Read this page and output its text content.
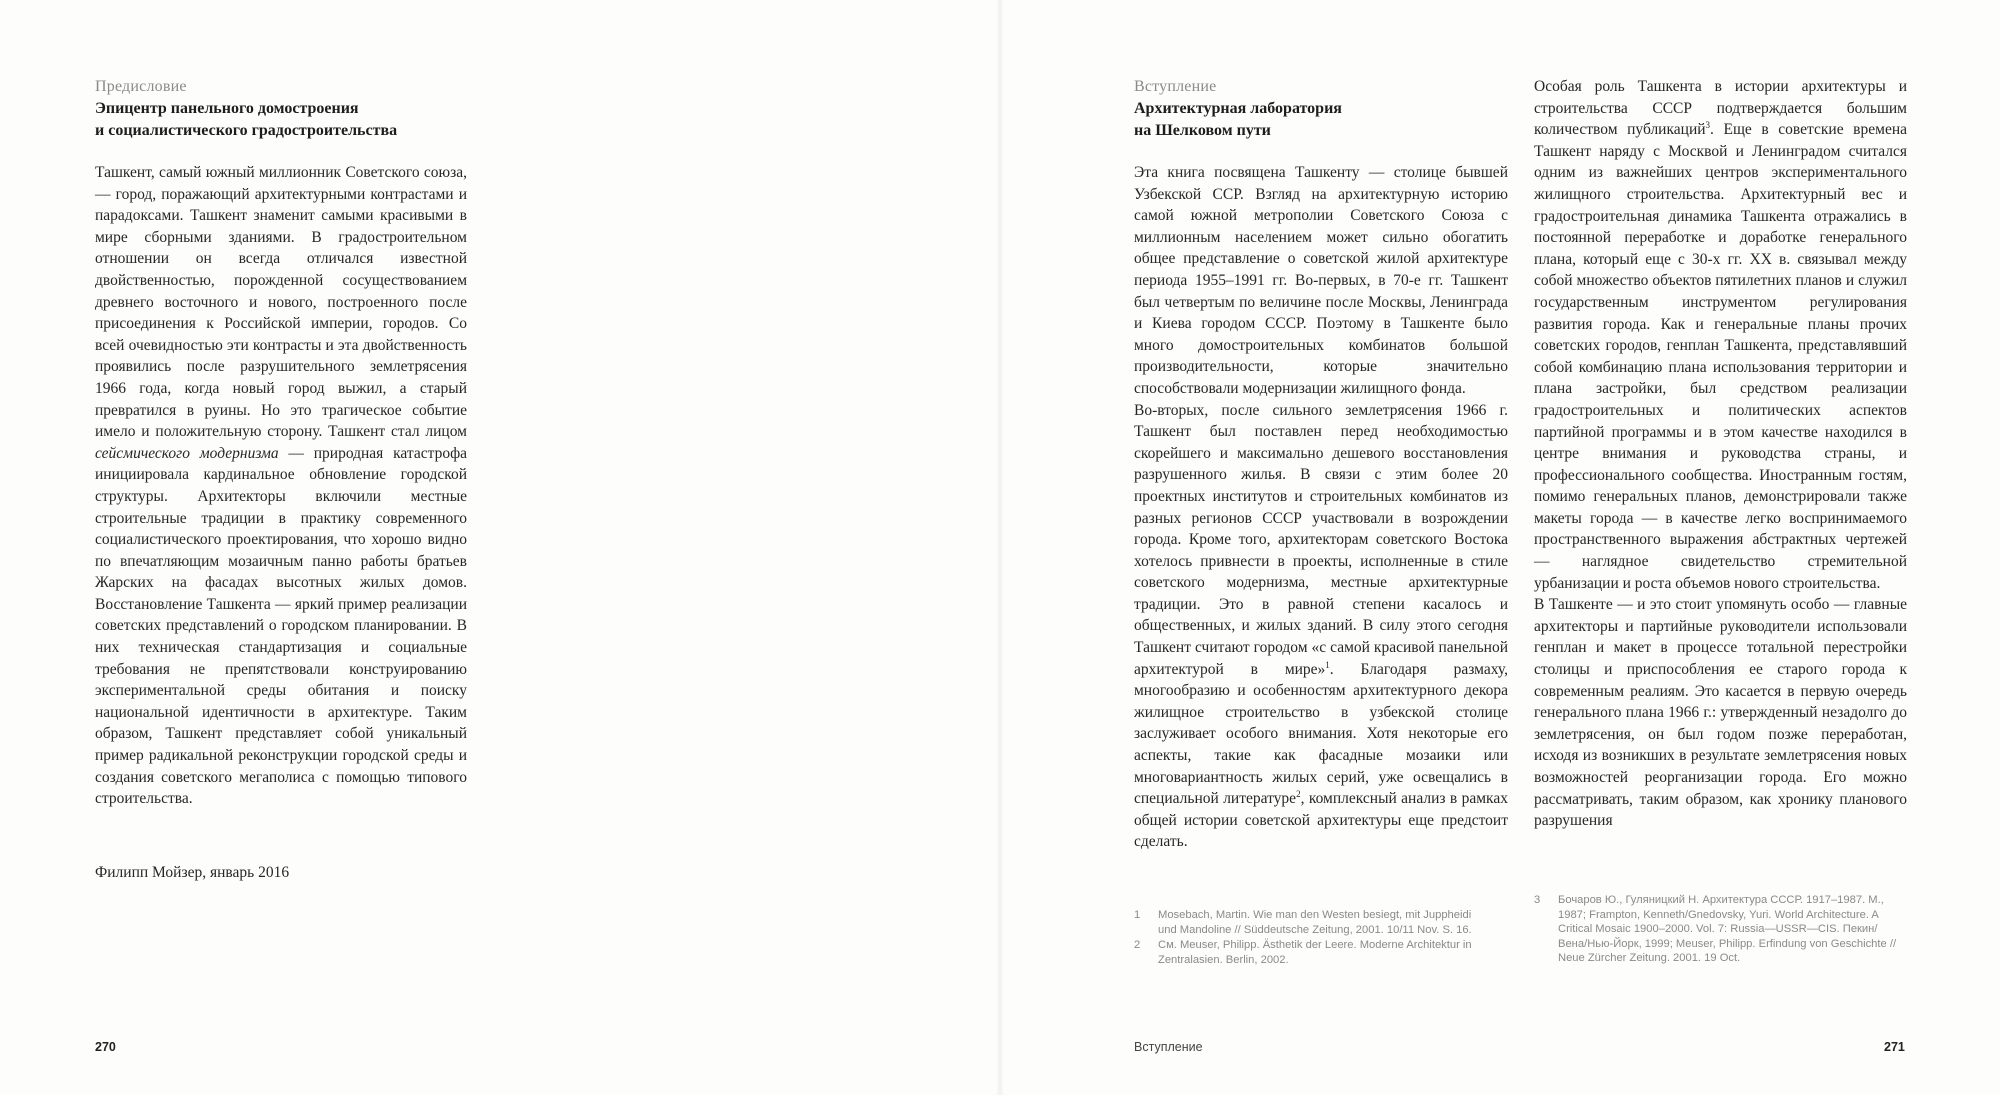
Предисловие
Эпицентр панельного домостроения
и социалистического градостроительства

Ташкент, самый южный миллионник Советского союза, — город, поражающий архитектурными контрастами и парадоксами. Ташкент знаменит самыми красивыми в мире сборными зданиями. В градостроительном отношении он всегда отличался известной двойственностью, порожденной сосуществованием древнего восточного и нового, построенного после присоединения к Российской империи, городов. Со всей очевидностью эти контрасты и эта двойственность проявились после разрушительного землетрясения 1966 года, когда новый город выжил, а старый превратился в руины. Но это трагическое событие имело и положительную сторону. Ташкент стал лицом сейсмического модернизма — природная катастрофа инициировала кардинальное обновление городской структуры. Архитекторы включили местные строительные традиции в практику современного социалистического проектирования, что хорошо видно по впечатляющим мозаичным панно работы братьев Жарских на фасадах высотных жилых домов. Восстановление Ташкента — яркий пример реализации советских представлений о городском планировании. В них техническая стандартизация и социальные требования не препятствовали конструированию экспериментальной среды обитания и поиску национальной идентичности в архитектуре. Таким образом, Ташкент представляет собой уникальный пример радикальной реконструкции городской среды и создания советского мегаполиса с помощью типового строительства.

Филипп Мойзер, январь 2016
270
Вступление
Архитектурная лаборатория
на Шелковом пути

Эта книга посвящена Ташкенту — столице бывшей Узбекской ССР. Взгляд на архитектурную историю самой южной метрополии Советского Союза с миллионным населением может сильно обогатить общее представление о советской жилой архитектуре периода 1955–1991 гг. Во-первых, в 70-е гг. Ташкент был четвертым по величине после Москвы, Ленинграда и Киева городом СССР. Поэтому в Ташкенте было много домостроительных комбинатов большой производительности, которые значительно способствовали модернизации жилищного фонда.

Во-вторых, после сильного землетрясения 1966 г. Ташкент был поставлен перед необходимостью скорейшего и максимально дешевого восстановления разрушенного жилья. В связи с этим более 20 проектных институтов и строительных комбинатов из разных регионов СССР участвовали в возрождении города. Кроме того, архитекторам советского Востока хотелось привнести в проекты, исполненные в стиле советского модернизма, местные архитектурные традиции. Это в равной степени касалось и общественных, и жилых зданий. В силу этого сегодня Ташкент считают городом «с самой красивой панельной архитектурой в мире»$^1$. Благодаря размаху, многообразию и особенностям архитектурного декора жилищное строительство в узбекской столице заслуживает особого внимания. Хотя некоторые его аспекты, такие как фасадные мозаики или многовариантность жилых серий, уже освещались в специальной литературе$^2$, комплексный анализ в рамках общей истории советской архитектуры еще предстоит сделать.

Особая роль Ташкента в истории архитектуры и строительства СССР подтверждается большим количеством публикаций$^3$. Еще в советские времена Ташкент наряду с Москвой и Ленинградом считался одним из важнейших центров экспериментального жилищного строительства. Архитектурный вес и градостроительная динамика Ташкента отражались в постоянной переработке и доработке генерального плана, который еще с 30-х гг. XX в. связывал между собой множество объектов пятилетних планов и служил государственным инструментом регулирования развития города. Как и генеральные планы прочих советских городов, генплан Ташкента, представлявший собой комбинацию плана использования территории и плана застройки, был средством реализации градостроительных и политических аспектов партийной программы и в этом качестве находился в центре внимания и руководства страны, и профессионального сообщества. Иностранным гостям, помимо генеральных планов, демонстрировали также макеты города — в качестве легко воспринимаемого пространственного выражения абстрактных чертежей — наглядное свидетельство стремительной урбанизации и роста объемов нового строительства.

В Ташкенте — и это стоит упомянуть особо — главные архитекторы и партийные руководители использовали генплан и макет в процессе тотальной перестройки столицы и приспособления ее старого города к современным реалиям. Это касается в первую очередь генерального плана 1966 г.: утвержденный незадолго до землетрясения, он был годом позже переработан, исходя из возникших в результате землетрясения новых возможностей реорганизации города. Его можно рассматривать, таким образом, как хронику планового разрушения

1	Mosebach, Martin. Wie man den Westen besiegt, mit Juppheidi und Mandoline // Süddeutsche Zeitung, 2001. 10/11 Nov. S. 16.
2	См. Meuser, Philipp. Ästhetik der Leere. Moderne Architektur in Zentralasien. Berlin, 2002.
3	Бочаров Ю., Гуляницкий Н. Архитектура СССР. 1917–1987. М., 1987; Frampton, Kenneth/Gnedovsky, Yuri. World Architecture. A Critical Mosaic 1900–2000. Vol. 7: Russia—USSR—CIS. Пекин/Вена/Нью-Йорк, 1999; Meuser, Philipp. Erfindung von Geschichte // Neue Zürcher Zeitung. 2001. 19 Oct.
Вступление	271
